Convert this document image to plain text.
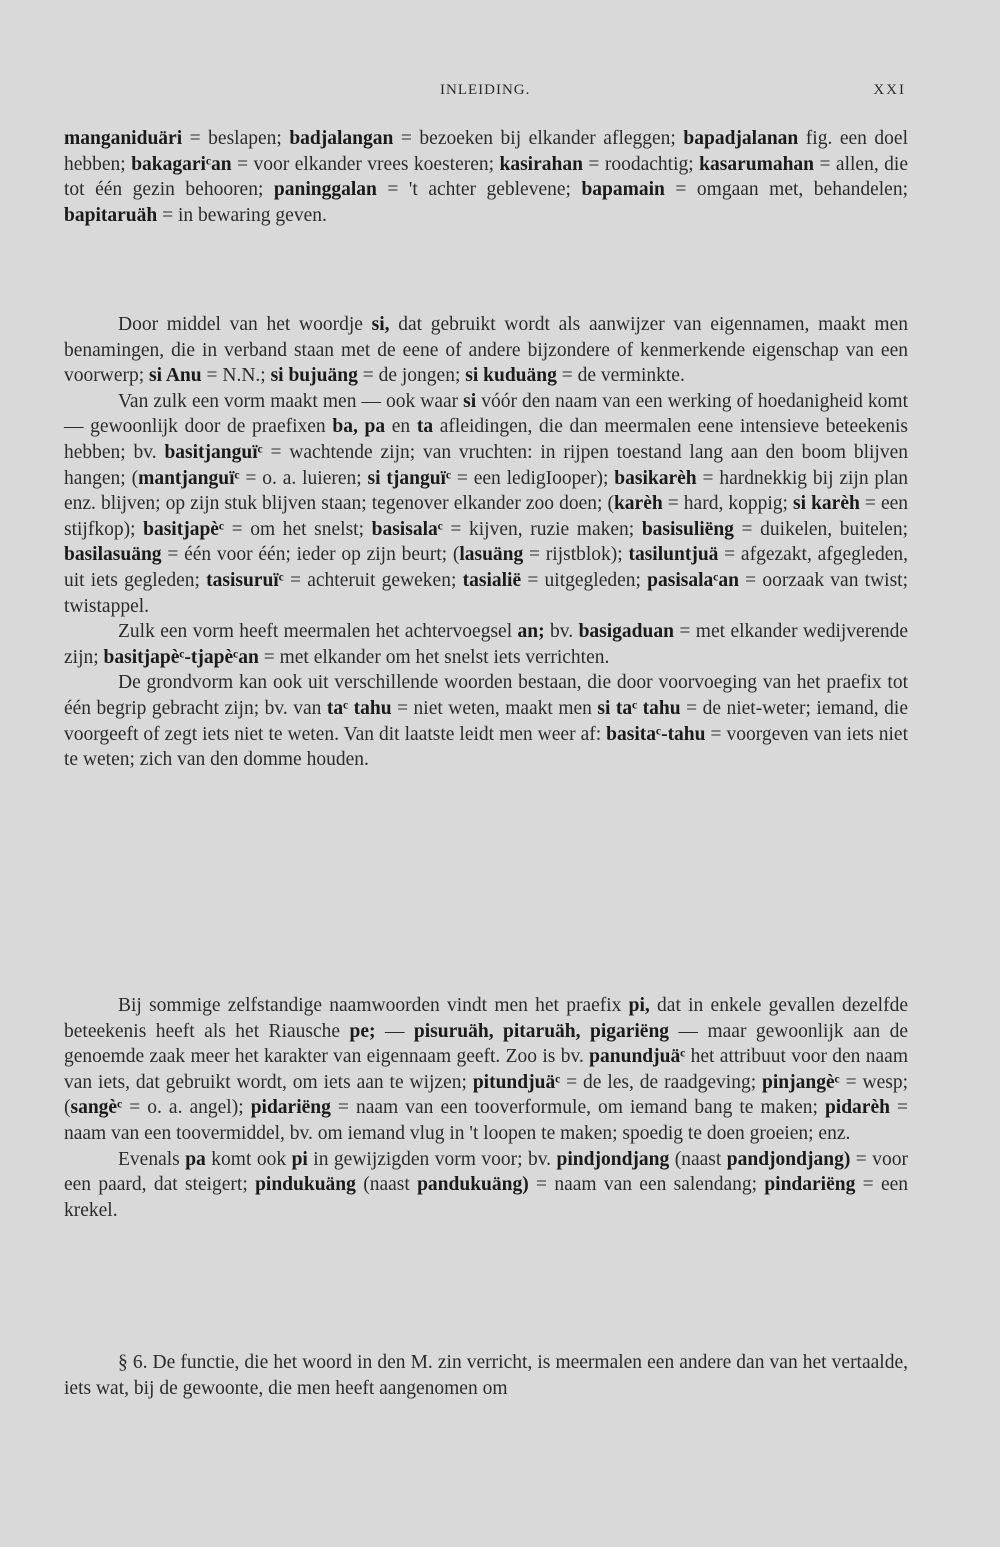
INLEIDING.	XXI

manganiduäri = beslapen; badjalangan = bezoeken bij elkander afleggen; bapadjalanan fig. een doel hebben; bakagariᶜan = voor elkander vrees koesteren; kasirahan = roodachtig; kasarumahan = allen, die tot één gezin behooren; paninggalan = 't achter geblevene; bapamain = omgaan met, behandelen; bapitaruäh = in bewaring geven.

Door middel van het woordje si, dat gebruikt wordt als aanwijzer van eigennamen, maakt men benamingen, die in verband staan met de eene of andere bijzondere of kenmerkende eigenschap van een voorwerp; si Anu = N.N.; si bujuäng = de jongen; si kuduäng = de verminkte.

Van zulk een vorm maakt men — ook waar si vóór den naam van een werking of hoedanigheid komt — gewoonlijk door de praefixen ba, pa en ta afleidingen, die dan meermalen eene intensieve beteekenis hebben; bv. basitjanguïᶜ = wachtende zijn; van vruchten: in rijpen toestand lang aan den boom blijven hangen; (mantjanguïᶜ = o. a. luieren; si tjanguïᶜ = een ledigIooper); basikarèh = hardnekkig bij zijn plan enz. blijven; op zijn stuk blijven staan; tegenover elkander zoo doen; (karèh = hard, koppig; si karèh = een stijfkop); basitjapèᶜ = om het snelst; basisalaᶜ = kijven, ruzie maken; basisuliëng = duikelen, buitelen; basilasuäng = één voor één; ieder op zijn beurt; (lasuäng = rijstblok); tasiluntjuä = afgezakt, afgegleden, uit iets gegleden; tasisuruïᶜ = achteruit geweken; tasialië = uitgegleden; pasisalaᶜan = oorzaak van twist; twistappel.

Zulk een vorm heeft meermalen het achtervoegsel an; bv. basigaduan = met elkander wedijverende zijn; basitjapèᶜ-tjapèᶜan = met elkander om het snelst iets verrichten.

De grondvorm kan ook uit verschillende woorden bestaan, die door voorvoeging van het praefix tot één begrip gebracht zijn; bv. van taᶜ tahu = niet weten, maakt men si taᶜ tahu = de niet-weter; iemand, die voorgeeft of zegt iets niet te weten. Van dit laatste leidt men weer af: basitaᶜ-tahu = voorgeven van iets niet te weten; zich van den domme houden.

Bij sommige zelfstandige naamwoorden vindt men het praefix pi, dat in enkele gevallen dezelfde beteekenis heeft als het Riausche pe; — pisuruäh, pitaruäh, pigariëng — maar gewoonlijk aan de genoemde zaak meer het karakter van eigennaam geeft. Zoo is bv. panundjuäᶜ het attribuut voor den naam van iets, dat gebruikt wordt, om iets aan te wijzen; pitundjuäᶜ = de les, de raadgeving; pinjangèᶜ = wesp; (sangèᶜ = o. a. angel); pidariëng = naam van een tooverformule, om iemand bang te maken; pidarèh = naam van een toovermiddel, bv. om iemand vlug in 't loopen te maken; spoedig te doen groeien; enz.

Evenals pa komt ook pi in gewijzigden vorm voor; bv. pindjondjang (naast pandjondjang) = voor een paard, dat steigert; pindukuäng (naast pandukuäng) = naam van een salendang; pindariëng = een krekel.

§ 6. De functie, die het woord in den M. zin verricht, is meermalen een andere dan van het vertaalde, iets wat, bij de gewoonte, die men heeft aangenomen om
